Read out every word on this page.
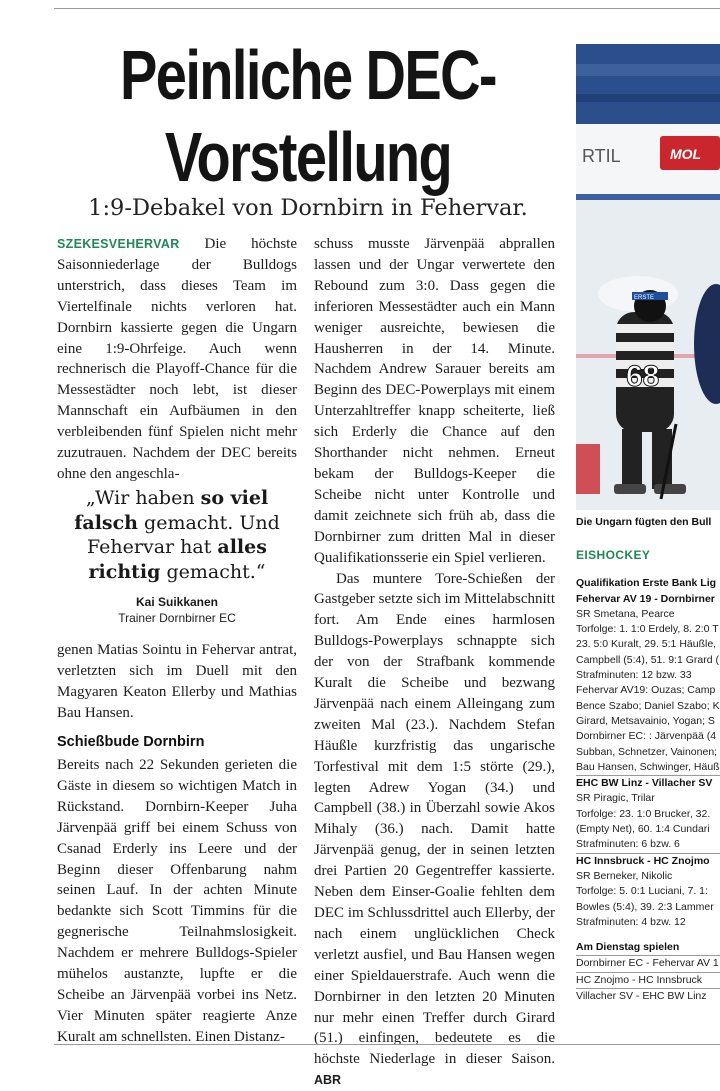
Peinliche DEC-
Vorstellung
1:9-Debakel von Dornbirn in Fehervar.
SZEKESVEHERVAR Die höchste Saisonniederlage der Bulldogs unterstrich, dass dieses Team im Viertelfinale nichts verloren hat. Dornbirn kassierte gegen die Ungarn eine 1:9-Ohrfeige. Auch wenn rechnerisch die Playoff-Chance für die Messestädter noch lebt, ist dieser Mannschaft ein Aufbäumen in den verbleibenden fünf Spielen nicht mehr zuzutrauen. Nachdem der DEC bereits ohne den angeschla-
„Wir haben so viel falsch gemacht. Und Fehervar hat alles richtig gemacht.“
Kai Suikkanen
Trainer Dornbirner EC
genen Matias Sointu in Fehervar antrat, verletzten sich im Duell mit den Magyaren Keaton Ellerby und Mathias Bau Hansen.
Schießbude Dornbirn
Bereits nach 22 Sekunden gerieten die Gäste in diesem so wichtigen Match in Rückstand. Dornbirn-Keeper Juha Järvenpää griff bei einem Schuss von Csanad Erderly ins Leere und der Beginn dieser Offenbarung nahm seinen Lauf. In der achten Minute bedankte sich Scott Timmins für die gegnerische Teilnahmslosigkeit. Nachdem er mehrere Bulldogs-Spieler mühelos austanzte, lupfte er die Scheibe an Järvenpää vorbei ins Netz. Vier Minuten später reagierte Anze Kuralt am schnellsten. Einen Distanz-
schuss musste Järvenpää abprallen lassen und der Ungar verwertete den Rebound zum 3:0. Dass gegen die inferioren Messestädter auch ein Mann weniger ausreichte, bewiesen die Hausherren in der 14. Minute. Nachdem Andrew Sarauer bereits am Beginn des DEC-Powerplays mit einem Unterzahltreffer knapp scheiterte, ließ sich Erderly die Chance auf den Shorthander nicht nehmen. Erneut bekam der Bulldogs-Keeper die Scheibe nicht unter Kontrolle und damit zeichnete sich früh ab, dass die Dornbirner zum dritten Mal in dieser Qualifikationsserie ein Spiel verlieren.
Das muntere Tore-Schießen der Gastgeber setzte sich im Mittelabschnitt fort. Am Ende eines harmlosen Bulldogs-Powerplays schnappte sich der von der Strafbank kommende Kuralt die Scheibe und bezwang Järvenpää nach einem Alleingang zum zweiten Mal (23.). Nachdem Stefan Häußle kurzfristig das ungarische Torfestival mit dem 1:5 störte (29.), legten Adrew Yogan (34.) und Campbell (38.) in Überzahl sowie Akos Mihaly (36.) nach. Damit hatte Järvenpää genug, der in seinen letzten drei Partien 20 Gegentreffer kassierte. Neben dem Einser-Goalie fehlten dem DEC im Schlussdrittel auch Ellerby, der nach einem unglücklichen Check verletzt ausfiel, und Bau Hansen wegen einer Spieldauerstrafe. Auch wenn die Dornbirner in den letzten 20 Minuten nur mehr einen Treffer durch Girard (51.) einfingen, bedeutete es die höchste Niederlage in dieser Saison. ABR
RTIL	MOL
ERSTE
68
Die Ungarn fügten den Bull
EISHOCKEY
Qualifikation Erste Bank Lig
Fehervar AV 19 - Dornbirner
SR Smetana, Pearce
Torfolge: 1. 1:0 Erdely, 8. 2:0 T
23. 5:0 Kuralt, 29. 5:1 Häußle,
Campbell (5:4), 51. 9:1 Grard (
Strafminuten: 12 bzw. 33
Fehervar AV19: Ouzas; Camp
Bence Szabo; Daniel Szabo; K
Girard, Metsavainio, Yogan; S
Dornbirner EC: : Järvenpää (4
Subban, Schnetzer, Vainonen;
Bau Hansen, Schwinger, Häuß
EHC BW Linz - Villacher SV
SR Piragic, Trilar
Torfolge: 23. 1:0 Brucker, 32.
(Empty Net), 60. 1:4 Cundari
Strafminuten: 6 bzw. 6
HC Innsbruck - HC Znojmo
SR Berneker, Nikolic
Torfolge: 5. 0:1 Luciani, 7. 1:
Bowles (5:4), 39. 2:3 Lammer
Strafminuten: 4 bzw. 12
Am Dienstag spielen
Dornbirner EC - Fehervar AV 1
HC Znojmo - HC Innsbruck
Villacher SV - EHC BW Linz
